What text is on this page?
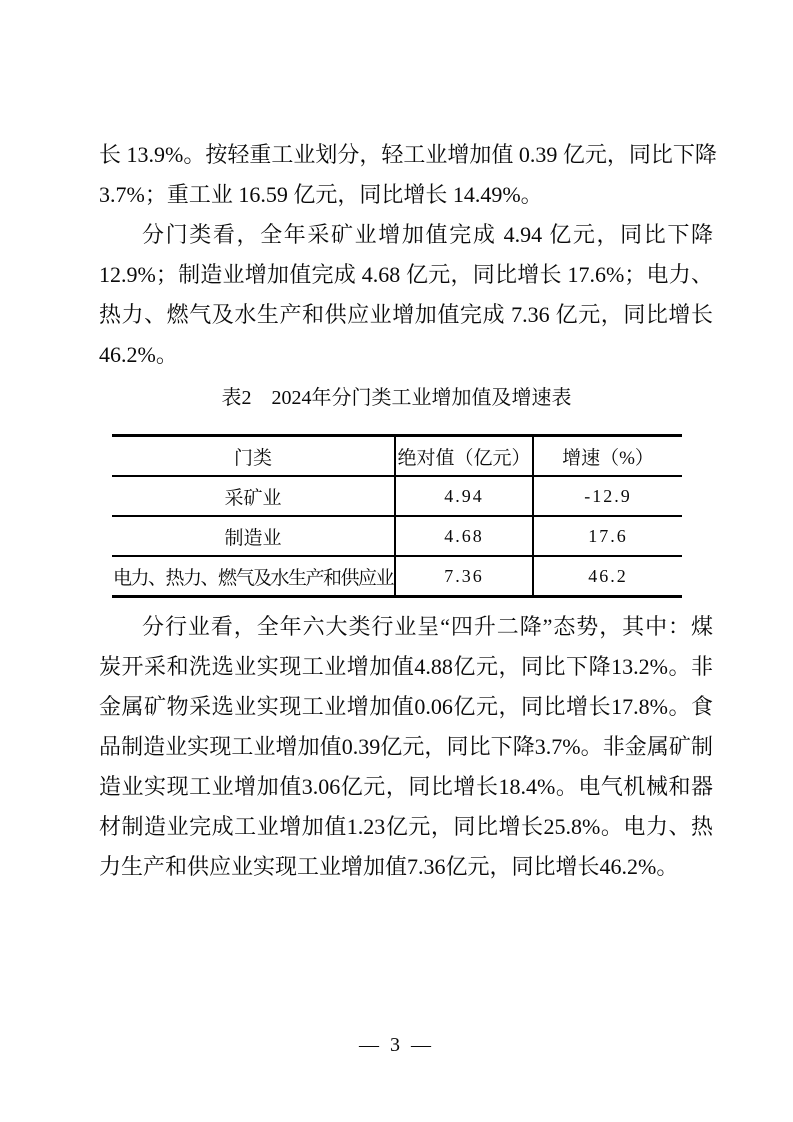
长 13.9%。按轻重工业划分，轻工业增加值 0.39 亿元，同比下降
3.7%；重工业 16.59 亿元，同比增长 14.49%。
分门类看，全年采矿业增加值完成 4.94 亿元，同比下降
12.9%；制造业增加值完成 4.68 亿元，同比增长 17.6%；电力、
热力、燃气及水生产和供应业增加值完成 7.36 亿元，同比增长
46.2%。
表2　2024年分门类工业增加值及增速表
门类	绝对值（亿元）	增速（%）
采矿业	4.94	-12.9
制造业	4.68	17.6
电力、热力、燃气及水生产和供应业	7.36	46.2
分行业看，全年六大类行业呈“四升二降”态势，其中：煤
炭开采和洗选业实现工业增加值4.88亿元，同比下降13.2%。非
金属矿物采选业实现工业增加值0.06亿元，同比增长17.8%。食
品制造业实现工业增加值0.39亿元，同比下降3.7%。非金属矿制
造业实现工业增加值3.06亿元，同比增长18.4%。电气机械和器
材制造业完成工业增加值1.23亿元，同比增长25.8%。电力、热
力生产和供应业实现工业增加值7.36亿元，同比增长46.2%。
— 3 —
